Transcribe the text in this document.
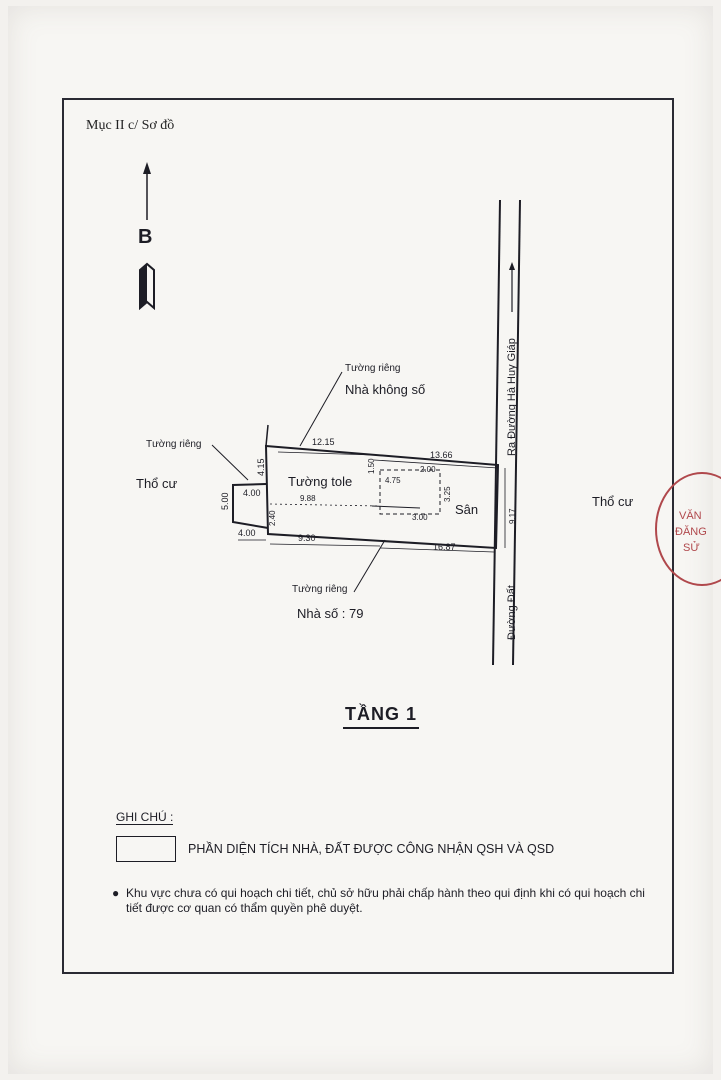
Mục II c/ Sơ đồ
B
Tường riêng
Nhà không số
Tường riêng
Thổ cư	Tường tole
Sân
Thổ cư
Tường riêng
Nhà số : 79
Ra Đường Hà Huy Giáp
Đường Đất
12.15
13.66
4.15
4.00
5.00
1.50	2.00
4.75
3.25
9.17
9.88
3.00
2.40
4.00	9.30
16.87
TẦNG 1
GHI CHÚ :
PHẦN DIỆN TÍCH NHÀ, ĐẤT ĐƯỢC CÔNG NHẬN QSH VÀ QSD
● Khu vực chưa có qui hoạch chi tiết, chủ sở hữu phải chấp hành theo qui định khi có qui hoạch chi tiết được cơ quan có thẩm quyền phê duyệt.
VĂN
ĐĂNG
SỬ
